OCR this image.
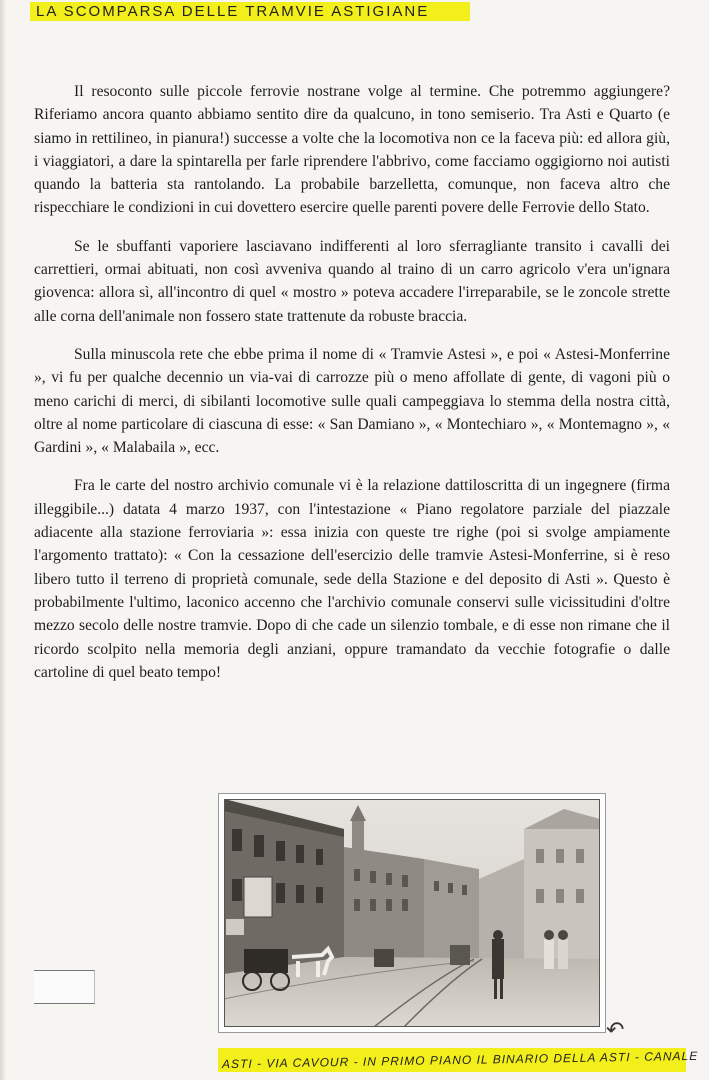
LA SCOMPARSA DELLE TRAMVIE ASTIGIANE

Il resoconto sulle piccole ferrovie nostrane volge al termine. Che potremmo aggiungere? Riferiamo ancora quanto abbiamo sentito dire da qualcuno, in tono semiserio. Tra Asti e Quarto (e siamo in rettilineo, in pianura!) successe a volte che la locomotiva non ce la faceva più: ed allora giù, i viaggiatori, a dare la spintarella per farle riprendere l'abbrivo, come facciamo oggigiorno noi autisti quando la batteria sta rantolando. La probabile barzelletta, comunque, non faceva altro che rispecchiare le condizioni in cui dovettero esercire quelle parenti povere delle Ferrovie dello Stato.

Se le sbuffanti vaporiere lasciavano indifferenti al loro sferragliante transito i cavalli dei carrettieri, ormai abituati, non così avveniva quando al traino di un carro agricolo v'era un'ignara giovenca: allora sì, all'incontro di quel « mostro » poteva accadere l'irreparabile, se le zoncole strette alle corna dell'animale non fossero state trattenute da robuste braccia.

Sulla minuscola rete che ebbe prima il nome di « Tramvie Astesi », e poi « Astesi-Monferrine », vi fu per qualche decennio un via-vai di carrozze più o meno affollate di gente, di vagoni più o meno carichi di merci, di sibilanti locomotive sulle quali campeggiava lo stemma della nostra città, oltre al nome particolare di ciascuna di esse: « San Damiano », « Montechiaro », « Montemagno », « Gardini », « Malabaila », ecc.

Fra le carte del nostro archivio comunale vi è la relazione dattiloscritta di un ingegnere (firma illeggibile...) datata 4 marzo 1937, con l'intestazione « Piano regolatore parziale del piazzale adiacente alla stazione ferroviaria »: essa inizia con queste tre righe (poi si svolge ampiamente l'argomento trattato): « Con la cessazione dell'esercizio delle tramvie Astesi-Monferrine, si è reso libero tutto il terreno di proprietà comunale, sede della Stazione e del deposito di Asti ». Questo è probabilmente l'ultimo, laconico accenno che l'archivio comunale conservi sulle vicissitudini d'oltre mezzo secolo delle nostre tramvie. Dopo di che cade un silenzio tombale, e di esse non rimane che il ricordo scolpito nella memoria degli anziani, oppure tramandato da vecchie fotografie o dalle cartoline di quel beato tempo!

↶
ASTI - VIA CAVOUR - IN PRIMO PIANO IL BINARIO DELLA ASTI - CANALE
